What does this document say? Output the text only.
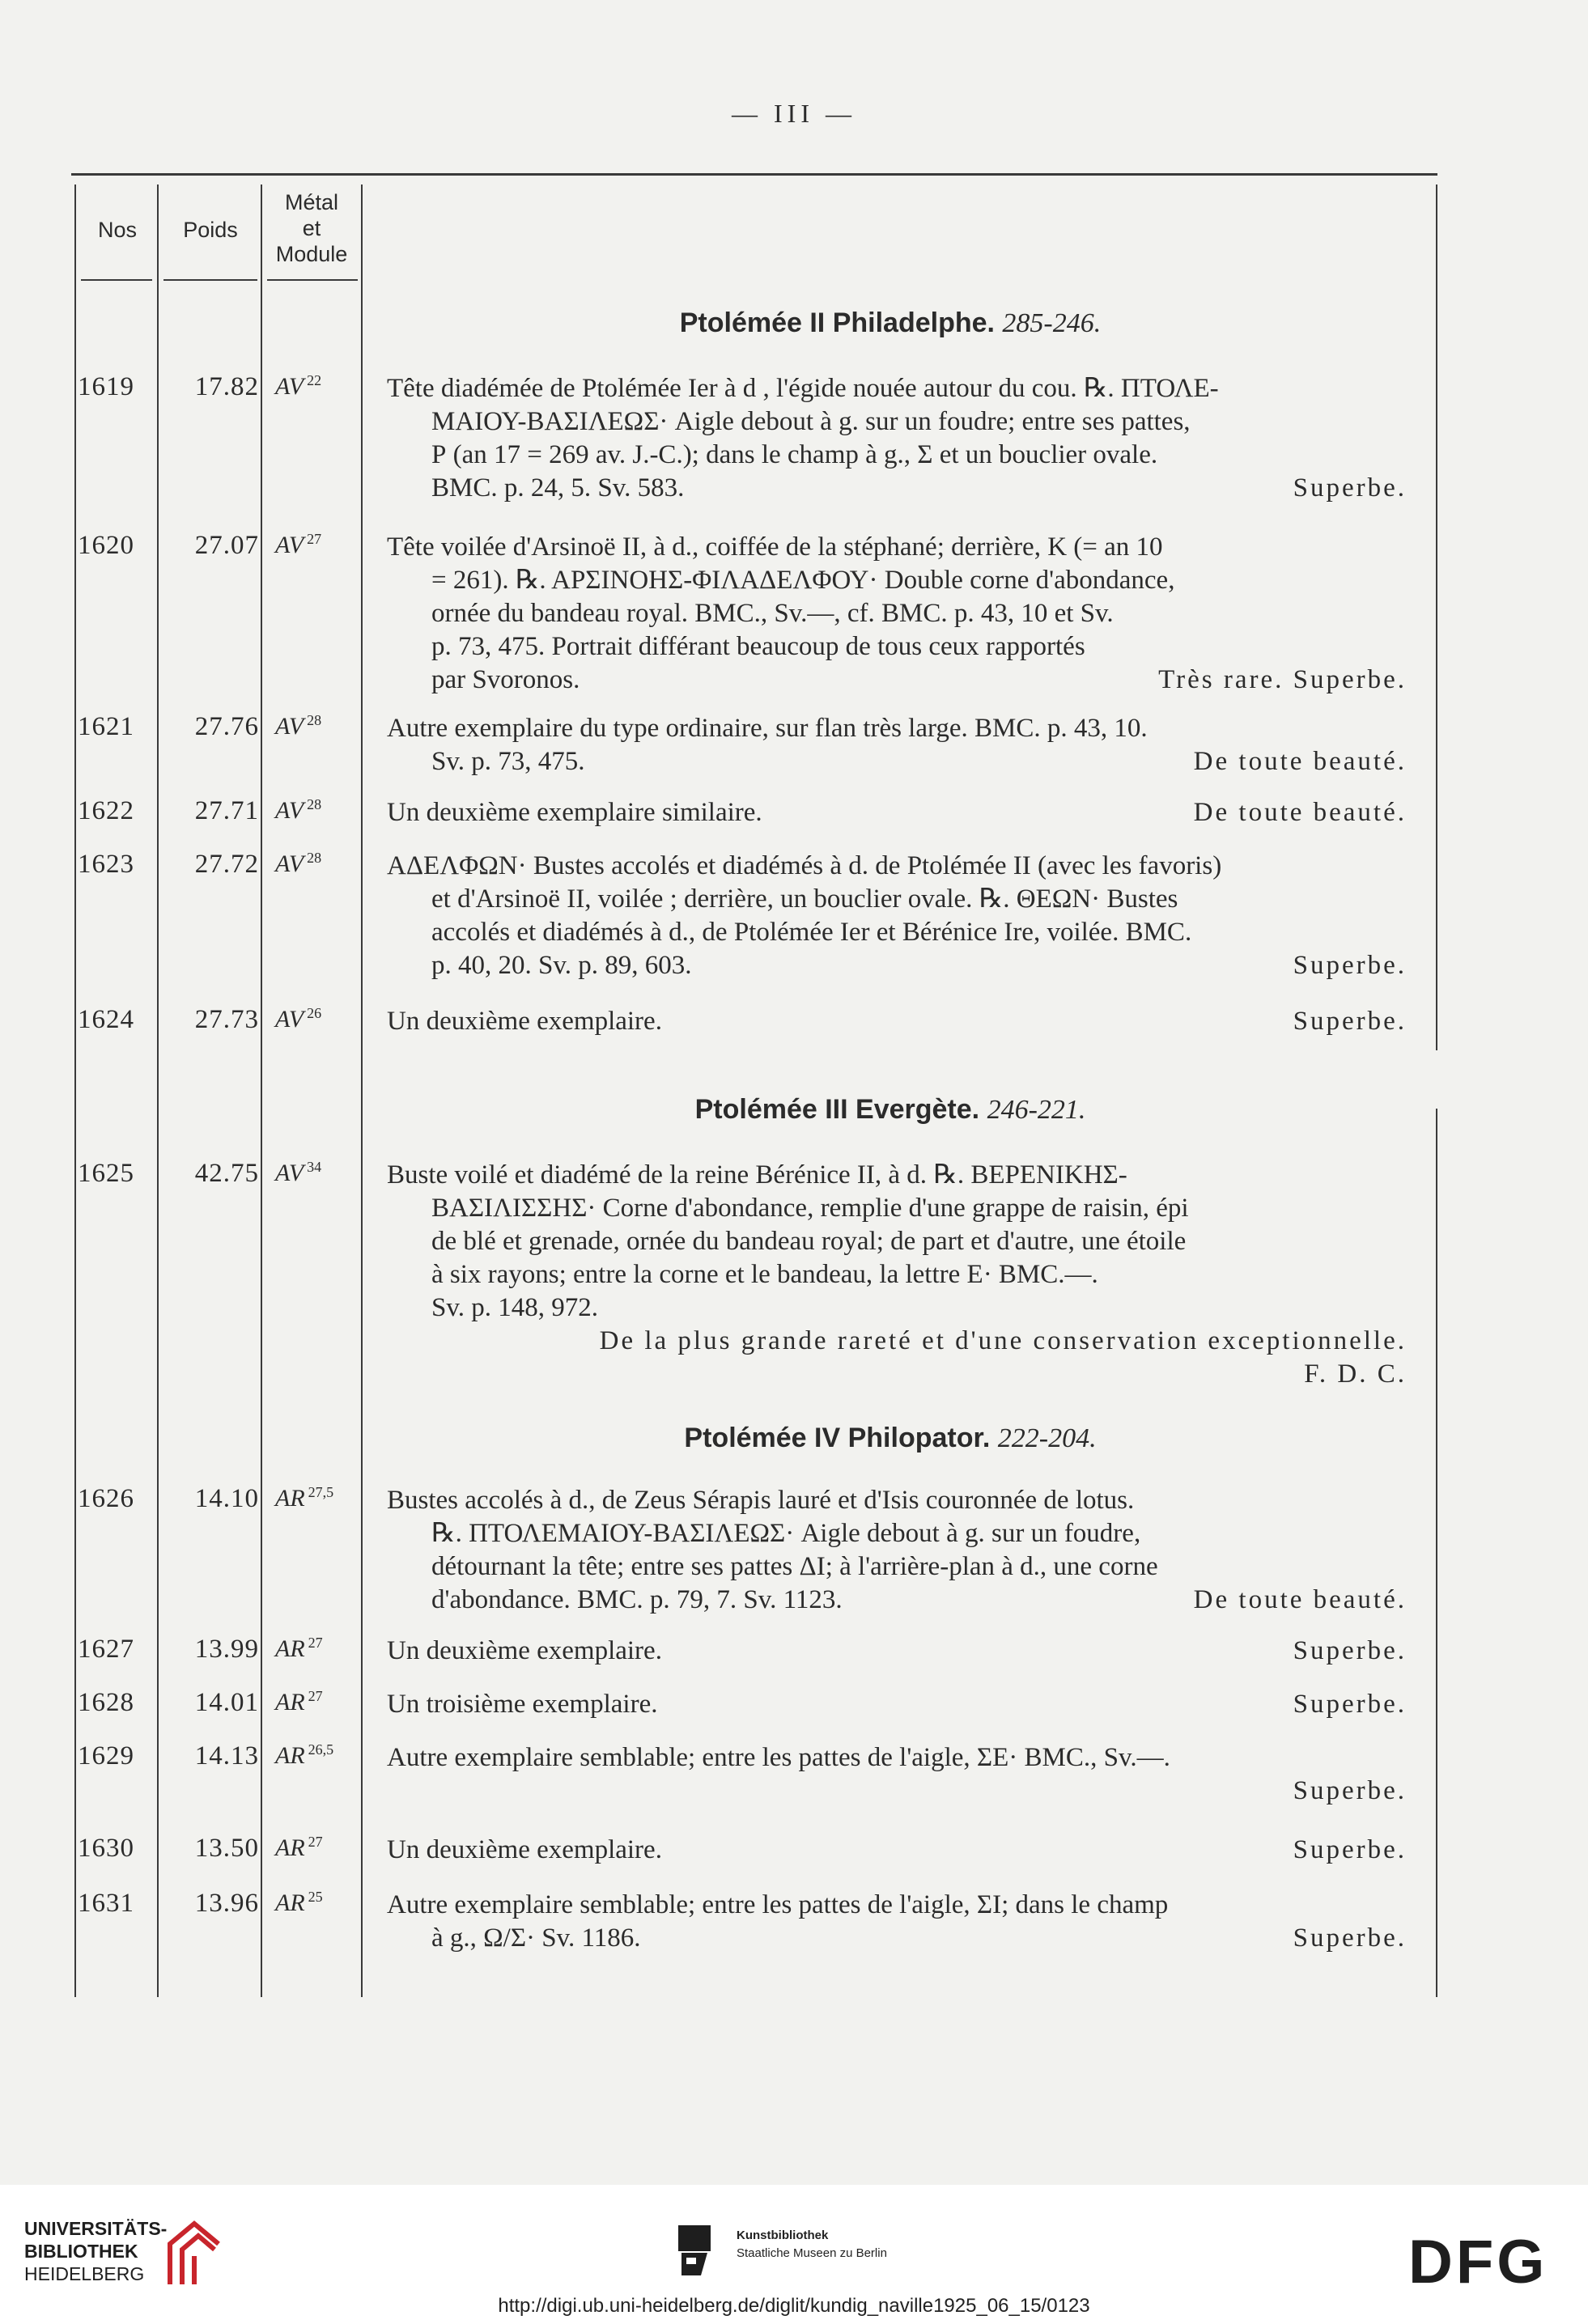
— III —
Nos	Poids
Métal
et
Module
Ptolémée II Philadelphe. 285-246.
Ptolémée III Evergète. 246-221.
Ptolémée IV Philopator. 222-204.
1619	17.82 AV $^{22}$	Tête diadémée de Ptolémée Ier à d , l'égide nouée autour du cou. ℞. ΠΤΟΛΕ-
ΜΑΙΟΥ-ΒΑΣΙΛΕΩΣ· Aigle debout à g. sur un foudre; entre ses pattes,
Ρ (an 17 = 269 av. J.-C.); dans le champ à g., Σ et un bouclier ovale.
BMC. p. 24, 5. Sv. 583.	Superbe.
1620	27.07 AV $^{27}$	Tête voilée d'Arsinoë II, à d., coiffée de la stéphané; derrière, Κ (= an 10
= 261). ℞. ΑΡΣΙΝΟΗΣ-ΦΙΛΑΔΕΛΦΟΥ· Double corne d'abondance,
ornée du bandeau royal. BMC., Sv.—, cf. BMC. p. 43, 10 et Sv.
p. 73, 475. Portrait différant beaucoup de tous ceux rapportés
par Svoronos.	Très rare. Superbe.
1621	27.76 AV $^{28}$	Autre exemplaire du type ordinaire, sur flan très large. BMC. p. 43, 10.
Sv. p. 73, 475.	De toute beauté.
1622	27.71 AV $^{28}$	Un deuxième exemplaire similaire.	De toute beauté.
1623	27.72 AV $^{28}$	ΑΔΕΛΦΩΝ· Bustes accolés et diadémés à d. de Ptolémée II (avec les favoris)
et d'Arsinoë II, voilée ; derrière, un bouclier ovale. ℞. ΘΕΩΝ· Bustes
accolés et diadémés à d., de Ptolémée Ier et Bérénice Ire, voilée. BMC.
p. 40, 20. Sv. p. 89, 603.	Superbe.
1624	27.73 AV $^{26}$	Un deuxième exemplaire.	Superbe.
1625	42.75 AV $^{34}$	Buste voilé et diadémé de la reine Bérénice II, à d. ℞. ΒΕΡΕΝΙΚΗΣ-
ΒΑΣΙΛΙΣΣΗΣ· Corne d'abondance, remplie d'une grappe de raisin, épi
de blé et grenade, ornée du bandeau royal; de part et d'autre, une étoile
à six rayons; entre la corne et le bandeau, la lettre Ε· BMC.—.
Sv. p. 148, 972.
De la plus grande rareté et d'une conservation exceptionnelle.
F. D. C.
1626	14.10 AR $^{27,5}$	Bustes accolés à d., de Zeus Sérapis lauré et d'Isis couronnée de lotus.
℞. ΠΤΟΛΕΜΑΙΟΥ-ΒΑΣΙΛΕΩΣ· Aigle debout à g. sur un foudre,
détournant la tête; entre ses pattes ΔΙ; à l'arrière-plan à d., une corne
d'abondance. BMC. p. 79, 7. Sv. 1123.	De toute beauté.
1627	13.99 AR $^{27}$	Un deuxième exemplaire.	Superbe.
1628	14.01 AR $^{27}$	Un troisième exemplaire.	Superbe.
1629	14.13 AR $^{26,5}$	Autre exemplaire semblable; entre les pattes de l'aigle, ΣΕ· BMC., Sv.—.
Superbe.
1630	13.50 AR $^{27}$	Un deuxième exemplaire.	Superbe.
1631	13.96 AR $^{25}$	Autre exemplaire semblable; entre les pattes de l'aigle, ΣΙ; dans le champ
à g., Ω/Σ· Sv. 1186.	Superbe.
UNIVERSITÄTS-
BIBLIOTHEK
HEIDELBERG
Kunstbibliothek
Staatliche Museen zu Berlin	DFG
http://digi.ub.uni-heidelberg.de/diglit/kundig_naville1925_06_15/0123
